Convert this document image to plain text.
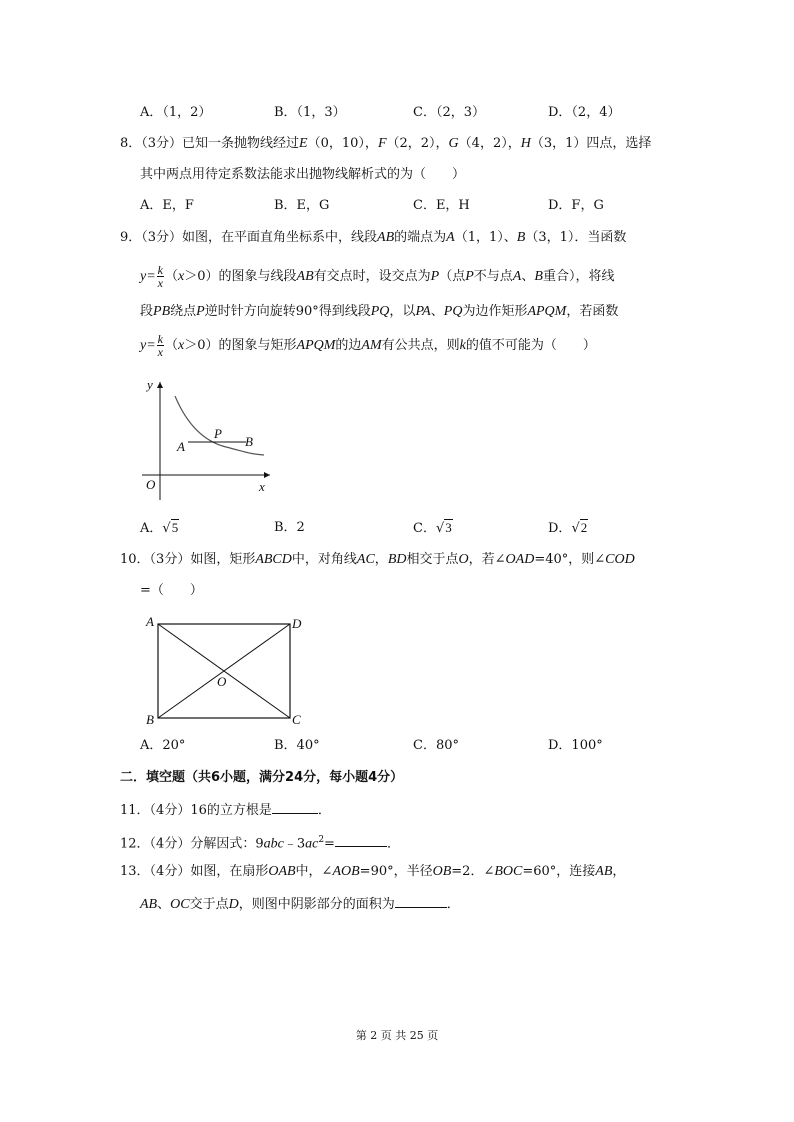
A．（1，2）	B．（1，3）	C．（2，3）	D．（2，4）
8．（3分）已知一条抛物线经过E（0，10），F（2，2），G（4，2），H（3，1）四点，选择
其中两点用待定系数法能求出抛物线解析式的为（　　）
A．E，F	B．E，G	C．E，H	D．F，G
9．（3分）如图，在平面直角坐标系中，线段AB的端点为A（1，1）、B（3，1）．当函数
$y= \frac{k}{x} (x>0)$的图象与线段AB有交点时，设交点为P（点P不与点A、B重合），将线
段PB绕点P逆时针方向旋转90°得到线段PQ，以PA、PQ为边作矩形APQM，若函数
$y= \frac{k}{x} (x>0)$的图象与矩形APQM的边AM有公共点，则k的值不可能为（　　）
y
P
A	B
O	x
A．√5	B．2	C．√3	D．√2
10．（3分）如图，矩形ABCD中，对角线AC，BD相交于点O，若∠OAD=40°，则∠COD
=（　　）
A	D
O
B	C
A．20°	B．40°	C．80°	D．100°
二．填空题（共6小题，满分24分，每小题4分）
11．（4分）16的立方根是	．
12．（4分）分解因式：$9abc﹣3ac^2=$	．
13．（4分）如图，在扇形OAB中，∠AOB=90°，半径OB=2．∠BOC=60°，连接AB，
AB、OC交于点D，则图中阴影部分的面积为	．
第 2 页 共 25 页
